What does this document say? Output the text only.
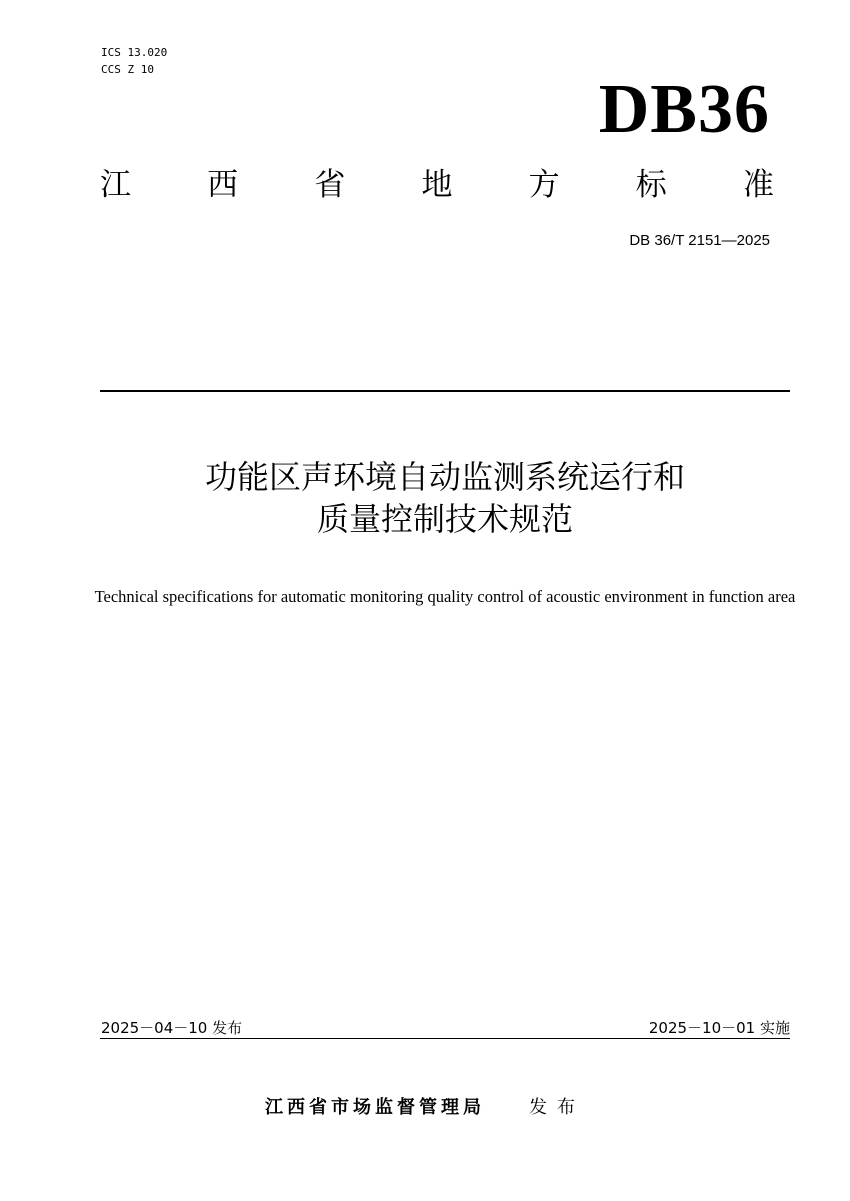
ICS 13.020
CCS Z 10
DB36
江 西 省 地 方 标 准
DB 36/T 2151—2025
功能区声环境自动监测系统运行和
质量控制技术规范
Technical specifications for automatic monitoring quality control of acoustic environment in function area
2025－04－10 发布	2025－10－01 实施
江西省市场监督管理局 发布
